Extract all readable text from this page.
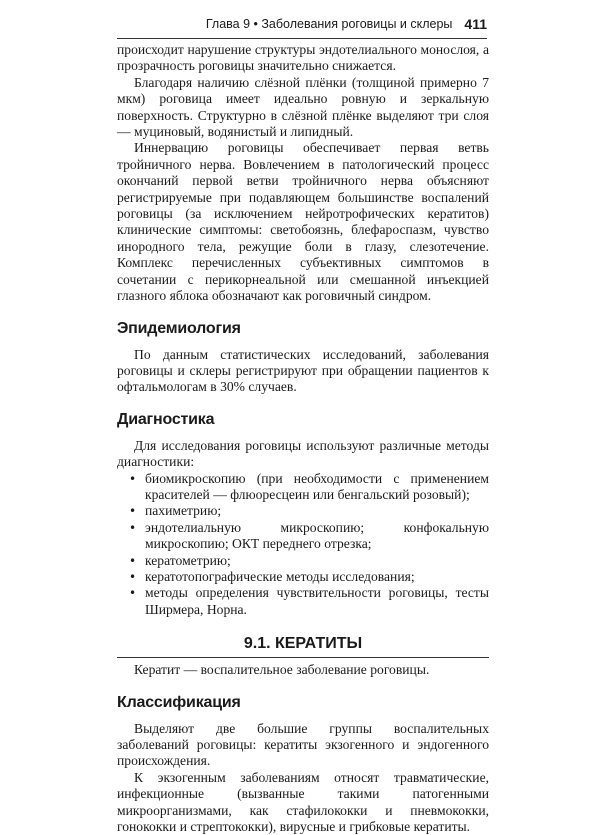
Глава 9 • Заболевания роговицы и склеры 411

происходит нарушение структуры эндотелиального монослоя, а прозрачность роговицы значительно снижается.

Благодаря наличию слёзной плёнки (толщиной примерно 7 мкм) роговица имеет идеально ровную и зеркальную поверхность. Структурно в слёзной плёнке выделяют три слоя — муциновый, водянистый и липидный.

Иннервацию роговицы обеспечивает первая ветвь тройничного нерва. Вовлечением в патологический процесс окончаний первой ветви тройничного нерва объясняют регистрируемые при подавляющем большинстве воспалений роговицы (за исключением нейротрофических кератитов) клинические симптомы: светобоязнь, блефароспазм, чувство инородного тела, режущие боли в глазу, слезотечение. Комплекс перечисленных субъективных симптомов в сочетании с перикорнеальной или смешанной инъекцией глазного яблока обозначают как роговичный синдром.

Эпидемиология

По данным статистических исследований, заболевания роговицы и склеры регистрируют при обращении пациентов к офтальмологам в 30% случаев.

Диагностика

Для исследования роговицы используют различные методы диагностики:

• биомикроскопию (при необходимости с применением красителей — флюоресцеин или бенгальский розовый);
• пахиметрию;
• эндотелиальную микроскопию; конфокальную микроскопию; ОКТ переднего отрезка;
• кератометрию;
• кератотопографические методы исследования;
• методы определения чувствительности роговицы, тесты Ширмера, Норна.
9.1. КЕРАТИТЫ

Кератит — воспалительное заболевание роговицы.

Классификация

Выделяют две большие группы воспалительных заболеваний роговицы: кератиты экзогенного и эндогенного происхождения.

К экзогенным заболеваниям относят травматические, инфекционные (вызванные такими патогенными микроорганизмами, как стафилококки и пневмококки, гонококки и стрептококки), вирусные и грибковые кератиты.
